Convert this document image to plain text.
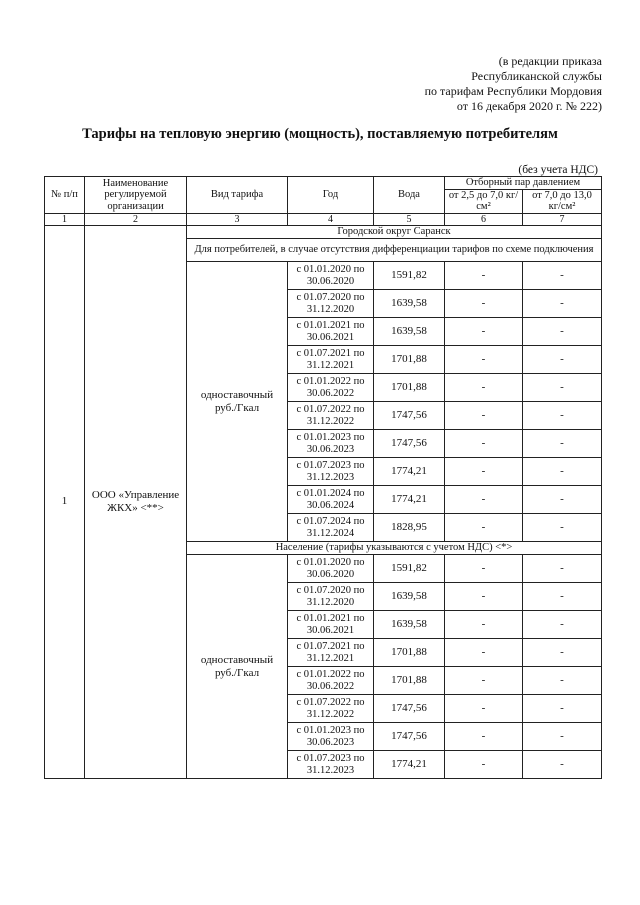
(в редакции приказа
Республиканской службы
по тарифам Республики Мордовия
от 16 декабря 2020 г. № 222)
Тарифы на тепловую энергию (мощность), поставляемую потребителям
(без учета НДС)
№ п/п	Наименование регулируемой организации	Вид тарифа	Год	Вода	Отборный пар давлением	
					от 2,5 до 7,0 кг/см²	от 7,0 до 13,0 кг/см²
1	2	3	4	5	6	7
1	ООО «Управление ЖКХ» <**>	Городской округ Саранск				
		Для потребителей, в случае отсутствия дифференциации тарифов по схеме подключения				
		одноставочный руб./Гкал	с 01.01.2020 по 30.06.2020	1591,82	-	-
			с 01.07.2020 по 31.12.2020	1639,58	-	-
			с 01.01.2021 по 30.06.2021	1639,58	-	-
			с 01.07.2021 по 31.12.2021	1701,88	-	-
			с 01.01.2022 по 30.06.2022	1701,88	-	-
			с 01.07.2022 по 31.12.2022	1747,56	-	-
			с 01.01.2023 по 30.06.2023	1747,56	-	-
			с 01.07.2023 по 31.12.2023	1774,21	-	-
			с 01.01.2024 по 30.06.2024	1774,21	-	-
			с 01.07.2024 по 31.12.2024	1828,95	-	-
		Население (тарифы указываются с учетом НДС) <*>				
		одноставочный руб./Гкал	с 01.01.2020 по 30.06.2020	1591,82	-	-
			с 01.07.2020 по 31.12.2020	1639,58	-	-
			с 01.01.2021 по 30.06.2021	1639,58	-	-
			с 01.07.2021 по 31.12.2021	1701,88	-	-
			с 01.01.2022 по 30.06.2022	1701,88	-	-
			с 01.07.2022 по 31.12.2022	1747,56	-	-
			с 01.01.2023 по 30.06.2023	1747,56	-	-
			с 01.07.2023 по 31.12.2023	1774,21	-	-
